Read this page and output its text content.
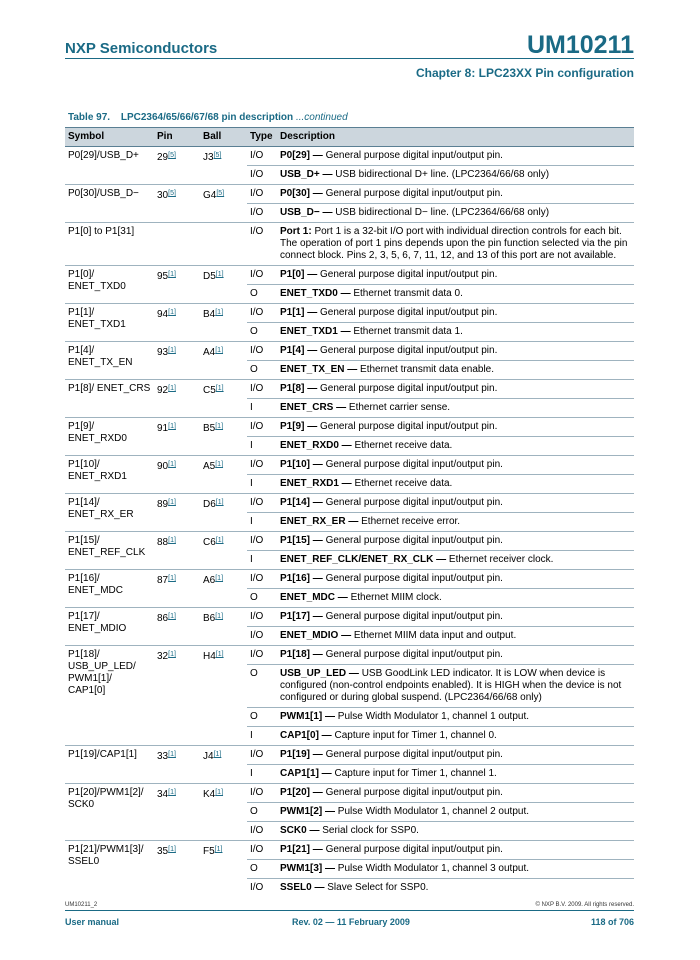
NXP Semiconductors	UM10211
Chapter 8: LPC23XX Pin configuration
Table 97. LPC2364/65/66/67/68 pin description ...continued
Symbol	Pin	Ball	Type	Description
P0[29]/USB_D+	29[5]	J3[5]	I/O	P0[29] — General purpose digital input/output pin.
			I/O	USB_D+ — USB bidirectional D+ line. (LPC2364/66/68 only)
P0[30]/USB_D−	30[5]	G4[5]	I/O	P0[30] — General purpose digital input/output pin.
			I/O	USB_D− — USB bidirectional D− line. (LPC2364/66/68 only)
P1[0] to P1[31]			I/O	Port 1: Port 1 is a 32-bit I/O port with individual direction controls for each bit. The operation of port 1 pins depends upon the pin function selected via the pin connect block. Pins 2, 3, 5, 6, 7, 11, 12, and 13 of this port are not available.
P1[0]/ ENET_TXD0	95[1]	D5[1]	I/O	P1[0] — General purpose digital input/output pin.
			O	ENET_TXD0 — Ethernet transmit data 0.
P1[1]/ ENET_TXD1	94[1]	B4[1]	I/O	P1[1] — General purpose digital input/output pin.
			O	ENET_TXD1 — Ethernet transmit data 1.
P1[4]/ ENET_TX_EN	93[1]	A4[1]	I/O	P1[4] — General purpose digital input/output pin.
			O	ENET_TX_EN — Ethernet transmit data enable.
P1[8]/ ENET_CRS	92[1]	C5[1]	I/O	P1[8] — General purpose digital input/output pin.
			I	ENET_CRS — Ethernet carrier sense.
P1[9]/ ENET_RXD0	91[1]	B5[1]	I/O	P1[9] — General purpose digital input/output pin.
			I	ENET_RXD0 — Ethernet receive data.
P1[10]/ ENET_RXD1	90[1]	A5[1]	I/O	P1[10] — General purpose digital input/output pin.
			I	ENET_RXD1 — Ethernet receive data.
P1[14]/ ENET_RX_ER	89[1]	D6[1]	I/O	P1[14] — General purpose digital input/output pin.
			I	ENET_RX_ER — Ethernet receive error.
P1[15]/ ENET_REF_CLK	88[1]	C6[1]	I/O	P1[15] — General purpose digital input/output pin.
			I	ENET_REF_CLK/ENET_RX_CLK — Ethernet receiver clock.
P1[16]/ ENET_MDC	87[1]	A6[1]	I/O	P1[16] — General purpose digital input/output pin.
			O	ENET_MDC — Ethernet MIIM clock.
P1[17]/ ENET_MDIO	86[1]	B6[1]	I/O	P1[17] — General purpose digital input/output pin.
			I/O	ENET_MDIO — Ethernet MIIM data input and output.
P1[18]/ USB_UP_LED/ PWM1[1]/ CAP1[0]	32[1]	H4[1]	I/O	P1[18] — General purpose digital input/output pin.
			O	USB_UP_LED — USB GoodLink LED indicator. It is LOW when device is configured (non-control endpoints enabled). It is HIGH when the device is not configured or during global suspend. (LPC2364/66/68 only)
			O	PWM1[1] — Pulse Width Modulator 1, channel 1 output.
			I	CAP1[0] — Capture input for Timer 1, channel 0.
P1[19]/CAP1[1]	33[1]	J4[1]	I/O	P1[19] — General purpose digital input/output pin.
			I	CAP1[1] — Capture input for Timer 1, channel 1.
P1[20]/PWM1[2]/ SCK0	34[1]	K4[1]	I/O	P1[20] — General purpose digital input/output pin.
			O	PWM1[2] — Pulse Width Modulator 1, channel 2 output.
			I/O	SCK0 — Serial clock for SSP0.
P1[21]/PWM1[3]/ SSEL0	35[1]	F5[1]	I/O	P1[21] — General purpose digital input/output pin.
			O	PWM1[3] — Pulse Width Modulator 1, channel 3 output.
			I/O	SSEL0 — Slave Select for SSP0.
UM10211_2	© NXP B.V. 2009. All rights reserved.
User manual	Rev. 02 — 11 February 2009	118 of 706
